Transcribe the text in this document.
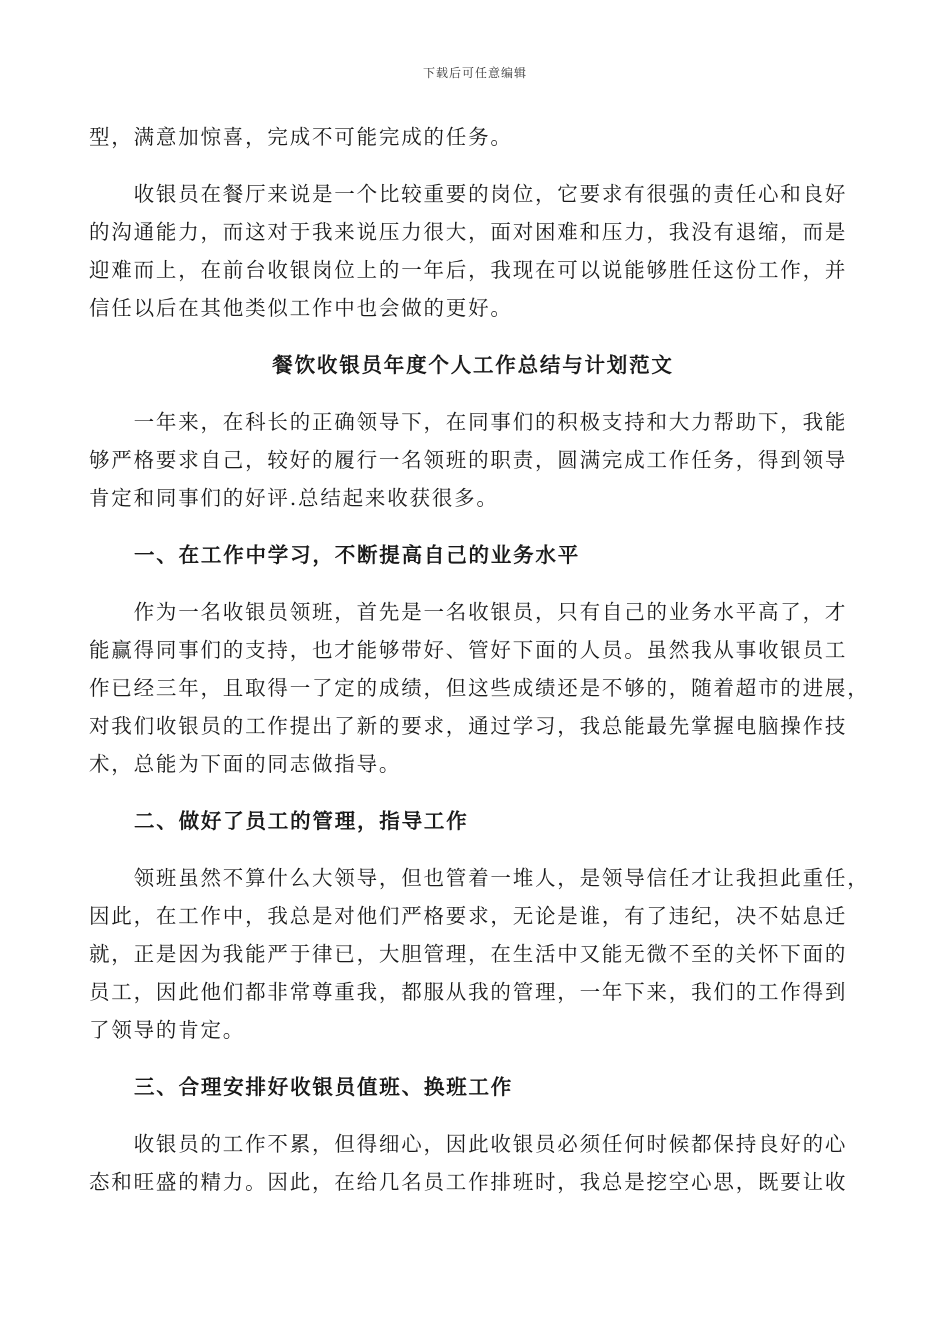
下载后可任意编辑
型，满意加惊喜，完成不可能完成的任务。
　　收银员在餐厅来说是一个比较重要的岗位，它要求有很强的责任心和良好
的沟通能力，而这对于我来说压力很大，面对困难和压力，我没有退缩，而是
迎难而上，在前台收银岗位上的一年后，我现在可以说能够胜任这份工作，并
信任以后在其他类似工作中也会做的更好。
餐饮收银员年度个人工作总结与计划范文
　　一年来，在科长的正确领导下，在同事们的积极支持和大力帮助下，我能
够严格要求自己，较好的履行一名领班的职责，圆满完成工作任务，得到领导
肯定和同事们的好评.总结起来收获很多。
一、在工作中学习，不断提高自己的业务水平
　　作为一名收银员领班，首先是一名收银员，只有自己的业务水平高了，才
能赢得同事们的支持，也才能够带好、管好下面的人员。虽然我从事收银员工
作已经三年，且取得一了定的成绩，但这些成绩还是不够的，随着超市的进展，
对我们收银员的工作提出了新的要求，通过学习，我总能最先掌握电脑操作技
术，总能为下面的同志做指导。
二、做好了员工的管理，指导工作
　　领班虽然不算什么大领导，但也管着一堆人，是领导信任才让我担此重任，
因此，在工作中，我总是对他们严格要求，无论是谁，有了违纪，决不姑息迁
就，正是因为我能严于律已，大胆管理，在生活中又能无微不至的关怀下面的
员工，因此他们都非常尊重我，都服从我的管理，一年下来，我们的工作得到
了领导的肯定。
三、合理安排好收银员值班、换班工作
　　收银员的工作不累，但得细心，因此收银员必须任何时候都保持良好的心
态和旺盛的精力。因此，在给几名员工作排班时，我总是挖空心思，既要让收
